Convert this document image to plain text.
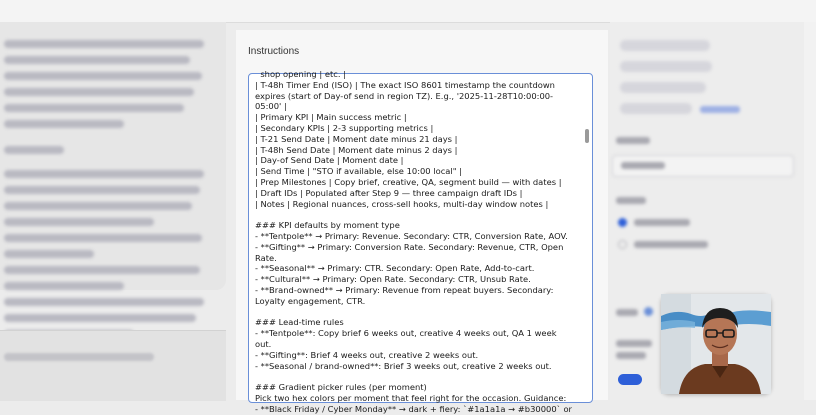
Instructions
shop opening | etc. |
| T-48h Timer End (ISO) | The exact ISO 8601 timestamp the countdown expires (start of Day-of send in region TZ). E.g., '2025-11-28T10:00:00-05:00' |
| Primary KPI | Main success metric |
| Secondary KPIs | 2-3 supporting metrics |
| T-21 Send Date | Moment date minus 21 days |
| T-48h Send Date | Moment date minus 2 days |
| Day-of Send Date | Moment date |
| Send Time | "STO if available, else 10:00 local" |
| Prep Milestones | Copy brief, creative, QA, segment build — with dates |
| Draft IDs | Populated after Step 9 — three campaign draft IDs |
| Notes | Regional nuances, cross-sell hooks, multi-day window notes |

### KPI defaults by moment type
- **Tentpole** → Primary: Revenue. Secondary: CTR, Conversion Rate, AOV.
- **Gifting** → Primary: Conversion Rate. Secondary: Revenue, CTR, Open Rate.
- **Seasonal** → Primary: CTR. Secondary: Open Rate, Add-to-cart.
- **Cultural** → Primary: Open Rate. Secondary: CTR, Unsub Rate.
- **Brand-owned** → Primary: Revenue from repeat buyers. Secondary: Loyalty engagement, CTR.

### Lead-time rules
- **Tentpole**: Copy brief 6 weeks out, creative 4 weeks out, QA 1 week out.
- **Gifting**: Brief 4 weeks out, creative 2 weeks out.
- **Seasonal / brand-owned**: Brief 3 weeks out, creative 2 weeks out.

### Gradient picker rules (per moment)
Pick two hex colors per moment that feel right for the occasion. Guidance:
- **Black Friday / Cyber Monday** → dark + fiery: `#1a1a1a → #b30000` or
